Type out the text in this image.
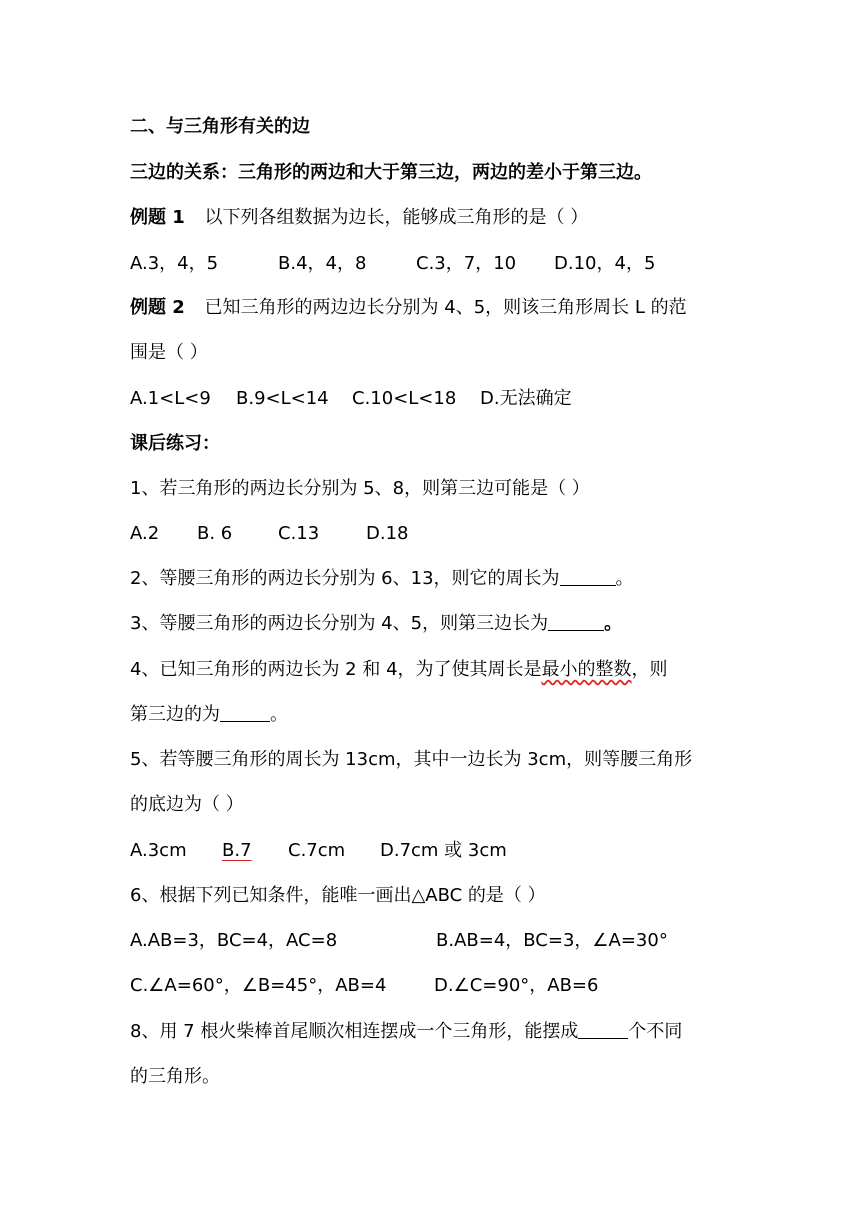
二、与三角形有关的边
三边的关系：三角形的两边和大于第三边，两边的差小于第三边。
例题 1 以下列各组数据为边长，能够成三角形的是（ ）
A.3，4，5	B.4，4，8	C.3，7，10 D.10，4，5
例题 2 已知三角形的两边边长分别为 4、5，则该三角形周长 L 的范
围是（ ）
A.1<L<9 B.9<L<14 C.10<L<18 D.无法确定
课后练习：
1、若三角形的两边长分别为 5、8，则第三边可能是（ ）
A.2 B. 6	C.13	D.18
2、等腰三角形的两边长分别为 6、13，则它的周长为	。
3、等腰三角形的两边长分别为 4、5，则第三边长为	。
4、已知三角形的两边长为 2 和 4，为了使其周长是最小的整数，则
第三边的为	。
5、若等腰三角形的周长为 13cm，其中一边长为 3cm，则等腰三角形
的底边为（ ）
A.3cm B.7 C.7cm D.7cm 或 3cm
6、根据下列已知条件，能唯一画出△ABC 的是（ ）
A.AB=3，BC=4，AC=8	B.AB=4，BC=3，∠A=30°
C.∠A=60°，∠B=45°，AB=4	D.∠C=90°，AB=6
8、用 7 根火柴棒首尾顺次相连摆成一个三角形，能摆成	个不同
的三角形。
